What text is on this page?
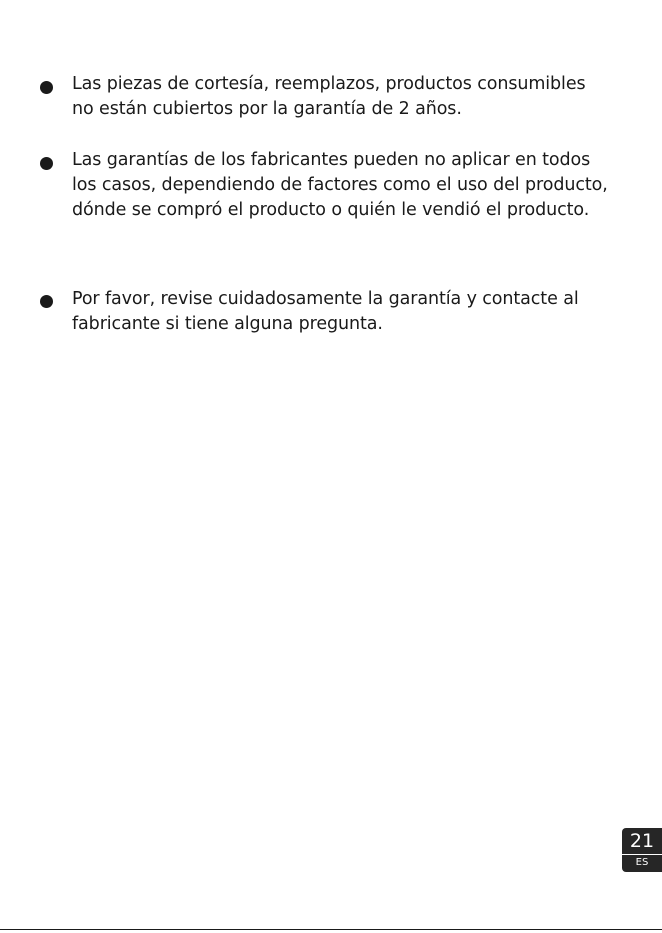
Las piezas de cortesía, reemplazos, productos consumibles
no están cubiertos por la garantía de 2 años.
Las garantías de los fabricantes pueden no aplicar en todos
los casos, dependiendo de factores como el uso del producto,
dónde se compró el producto o quién le vendió el producto.
Por favor, revise cuidadosamente la garantía y contacte al
fabricante si tiene alguna pregunta.
21
ES
